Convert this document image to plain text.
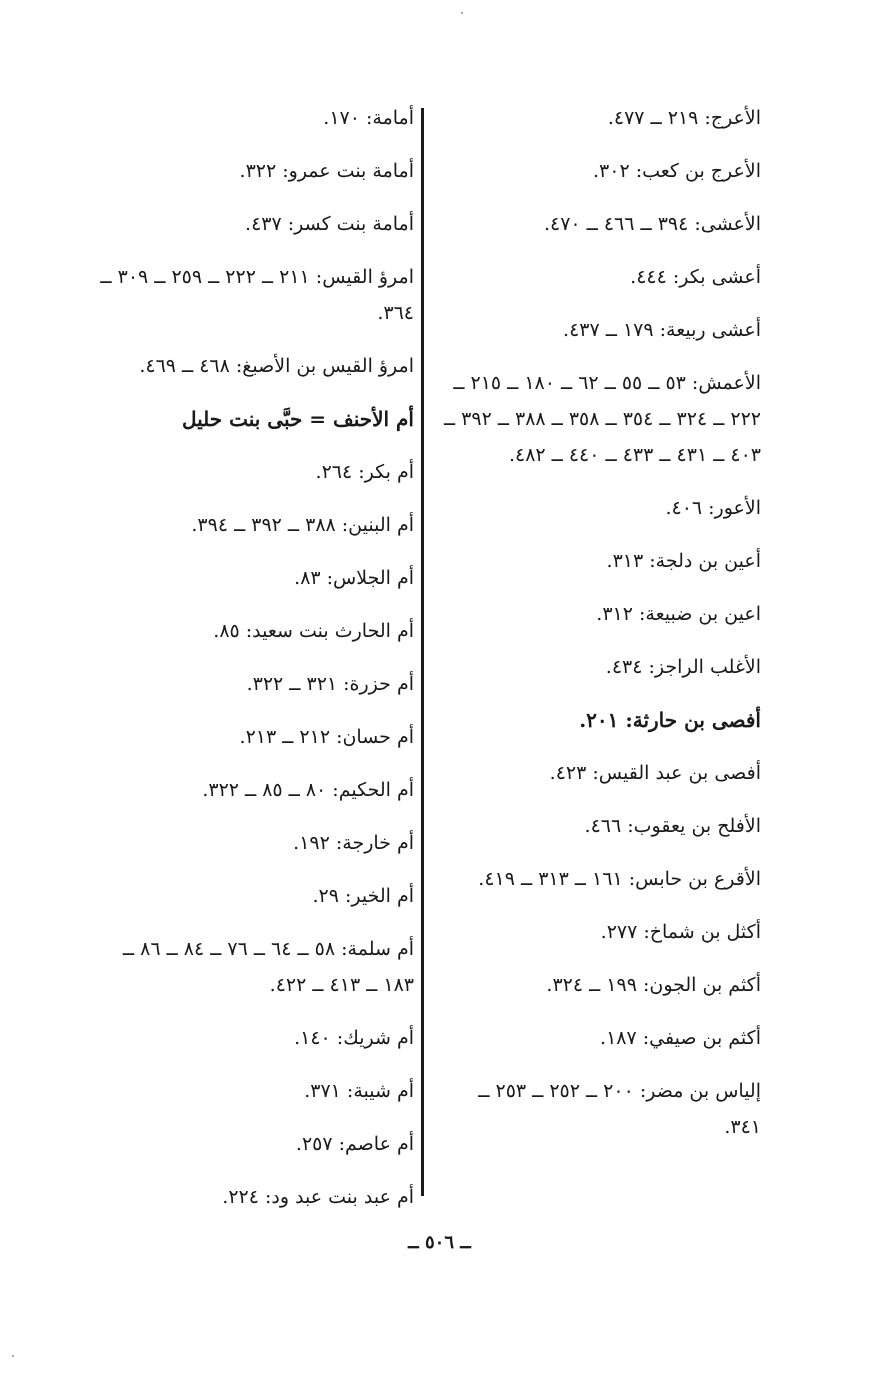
الأعرج: ٢١٩ ــ ٤٧٧.
الأعرج بن كعب: ٣٠٢.
الأعشى: ٣٩٤ ــ ٤٦٦ ــ ٤٧٠.
أعشى بكر: ٤٤٤.
أعشى ربيعة: ١٧٩ ــ ٤٣٧.
الأعمش: ٥٣ ــ ٥٥ ــ ٦٢ ــ ١٨٠ ــ ٢١٥ ــ ٢٢٢ ــ ٣٢٤ ــ ٣٥٤ ــ ٣٥٨ ــ ٣٨٨ ــ ٣٩٢ ــ ٤٠٣ ــ ٤٣١ ــ ٤٣٣ ــ ٤٤٠ ــ ٤٨٢.
الأعور: ٤٠٦.
أعين بن دلجة: ٣١٣.
اعين بن ضبيعة: ٣١٢.
الأغلب الراجز: ٤٣٤.
أفصى بن حارثة: ٢٠١.
أفصى بن عبد القيس: ٤٢٣.
الأفلح بن يعقوب: ٤٦٦.
الأقرع بن حابس: ١٦١ ــ ٣١٣ ــ ٤١٩.
أكثل بن شماخ: ٢٧٧.
أكثم بن الجون: ١٩٩ ــ ٣٢٤.
أكثم بن صيفي: ١٨٧.
إلياس بن مضر: ٢٠٠ ــ ٢٥٢ ــ ٢٥٣ ــ ٣٤١.
أمامة: ١٧٠.
أمامة بنت عمرو: ٣٢٢.
أمامة بنت كسر: ٤٣٧.
امرؤ القيس: ٢١١ ــ ٢٢٢ ــ ٢٥٩ ــ ٣٠٩ ــ ٣٦٤.
امرؤ القيس بن الأصبغ: ٤٦٨ ــ ٤٦٩.
أم الأحنف = حبَّى بنت حليل
أم بكر: ٢٦٤.
أم البنين: ٣٨٨ ــ ٣٩٢ ــ ٣٩٤.
أم الجلاس: ٨٣.
أم الحارث بنت سعيد: ٨٥.
أم حزرة: ٣٢١ ــ ٣٢٢.
أم حسان: ٢١٢ ــ ٢١٣.
أم الحكيم: ٨٠ ــ ٨٥ ــ ٣٢٢.
أم خارجة: ١٩٢.
أم الخير: ٢٩.
أم سلمة: ٥٨ ــ ٦٤ ــ ٧٦ ــ ٨٤ ــ ٨٦ ــ ١٨٣ ــ ٤١٣ ــ ٤٢٢.
أم شريك: ١٤٠.
أم شيبة: ٣٧١.
أم عاصم: ٢٥٧.
أم عبد بنت عبد ود: ٢٢٤.
ــ ٥٠٦ ــ
